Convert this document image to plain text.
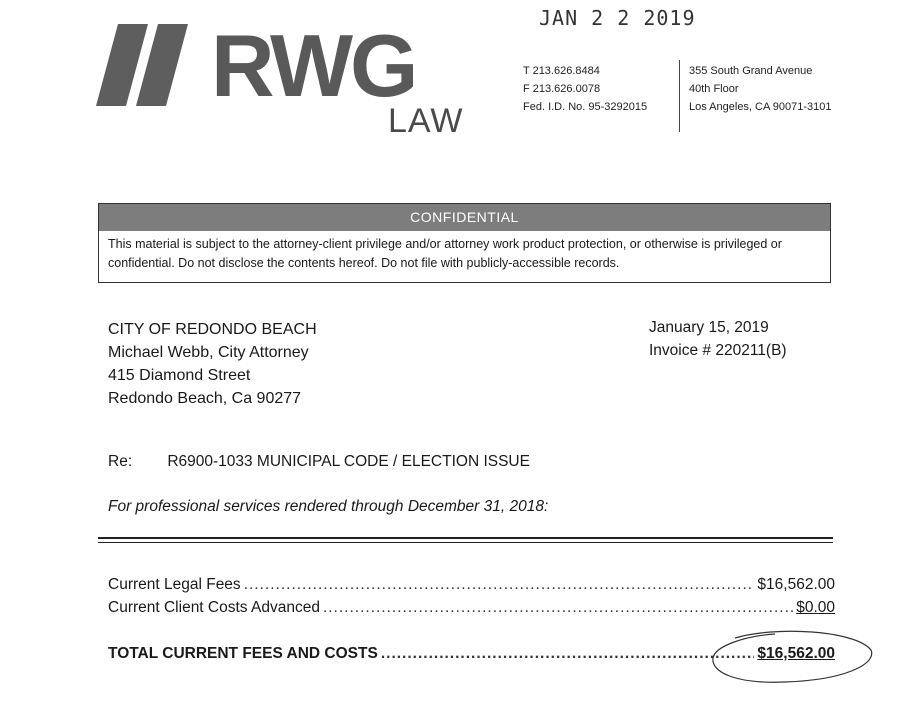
JAN 2 2 2019
RWG
LAW
T 213.626.8484
F 213.626.0078
Fed. I.D. No. 95-3292015
355 South Grand Avenue
40th Floor
Los Angeles, CA 90071-3101
CONFIDENTIAL
This material is subject to the attorney-client privilege and/or attorney work product protection, or otherwise is privileged or confidential. Do not disclose the contents hereof. Do not file with publicly-accessible records.
CITY OF REDONDO BEACH
Michael Webb, City Attorney
415 Diamond Street
Redondo Beach, Ca 90277
January 15, 2019
Invoice # 220211(B)
Re: R6900-1033 MUNICIPAL CODE / ELECTION ISSUE
For professional services rendered through December 31, 2018:
Current Legal Fees .....	$16,562.00
Current Client Costs Advanced .....	$0.00
TOTAL CURRENT FEES AND COSTS .....	$16,562.00
